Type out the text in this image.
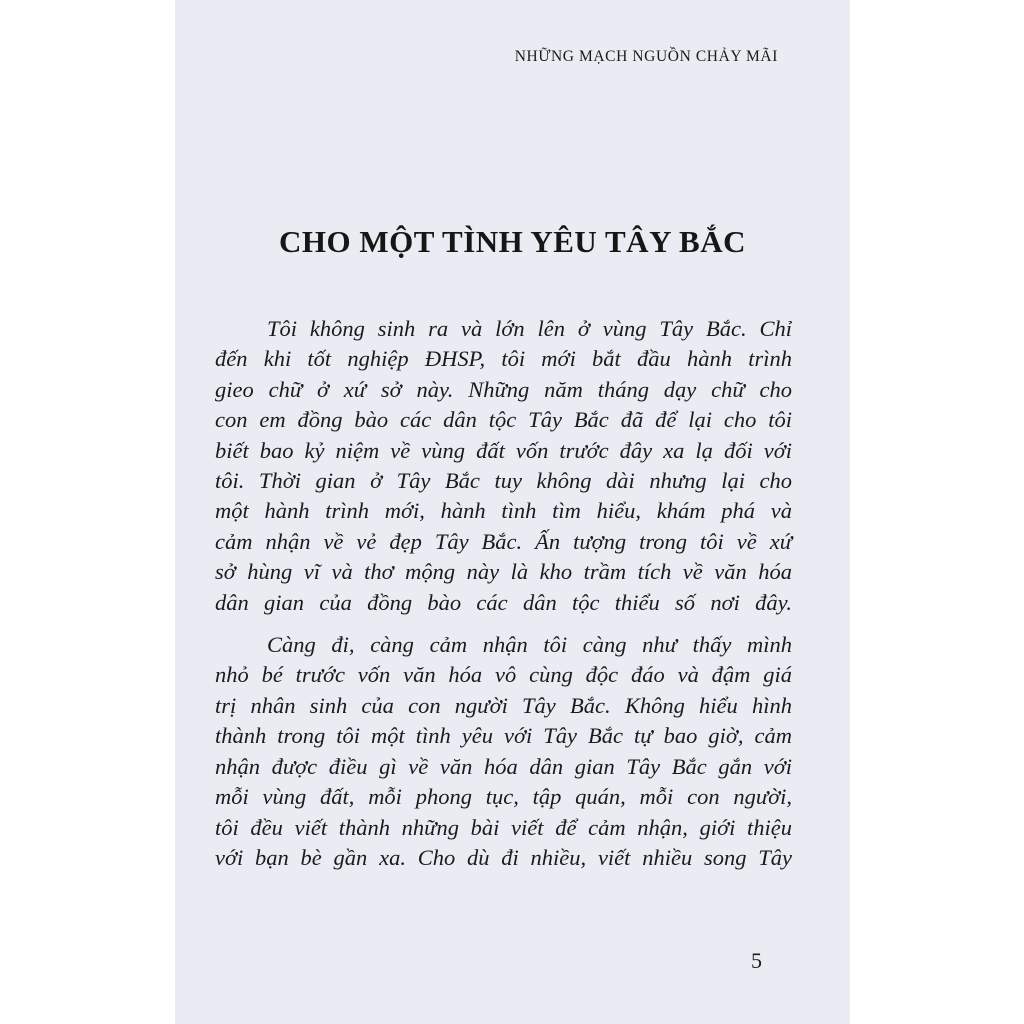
NHỮNG MẠCH NGUỒN CHẢY MÃI
CHO MỘT TÌNH YÊU TÂY BẮC

Tôi không sinh ra và lớn lên ở vùng Tây Bắc. Chỉ
đến khi tốt nghiệp ĐHSP, tôi mới bắt đầu hành trình
gieo chữ ở xứ sở này. Những năm tháng dạy chữ cho
con em đồng bào các dân tộc Tây Bắc đã để lại cho tôi
biết bao kỷ niệm về vùng đất vốn trước đây xa lạ đối với
tôi. Thời gian ở Tây Bắc tuy không dài nhưng lại cho
một hành trình mới, hành tình tìm hiểu, khám phá và
cảm nhận về vẻ đẹp Tây Bắc. Ấn tượng trong tôi về xứ
sở hùng vĩ và thơ mộng này là kho trầm tích về văn hóa
dân gian của đồng bào các dân tộc thiểu số nơi đây.

Càng đi, càng cảm nhận tôi càng như thấy mình
nhỏ bé trước vốn văn hóa vô cùng độc đáo và đậm giá
trị nhân sinh của con người Tây Bắc. Không hiểu hình
thành trong tôi một tình yêu với Tây Bắc tự bao giờ, cảm
nhận được điều gì về văn hóa dân gian Tây Bắc gắn với
mỗi vùng đất, mỗi phong tục, tập quán, mỗi con người,
tôi đều viết thành những bài viết để cảm nhận, giới thiệu
với bạn bè gần xa. Cho dù đi nhiều, viết nhiều song Tây

5
